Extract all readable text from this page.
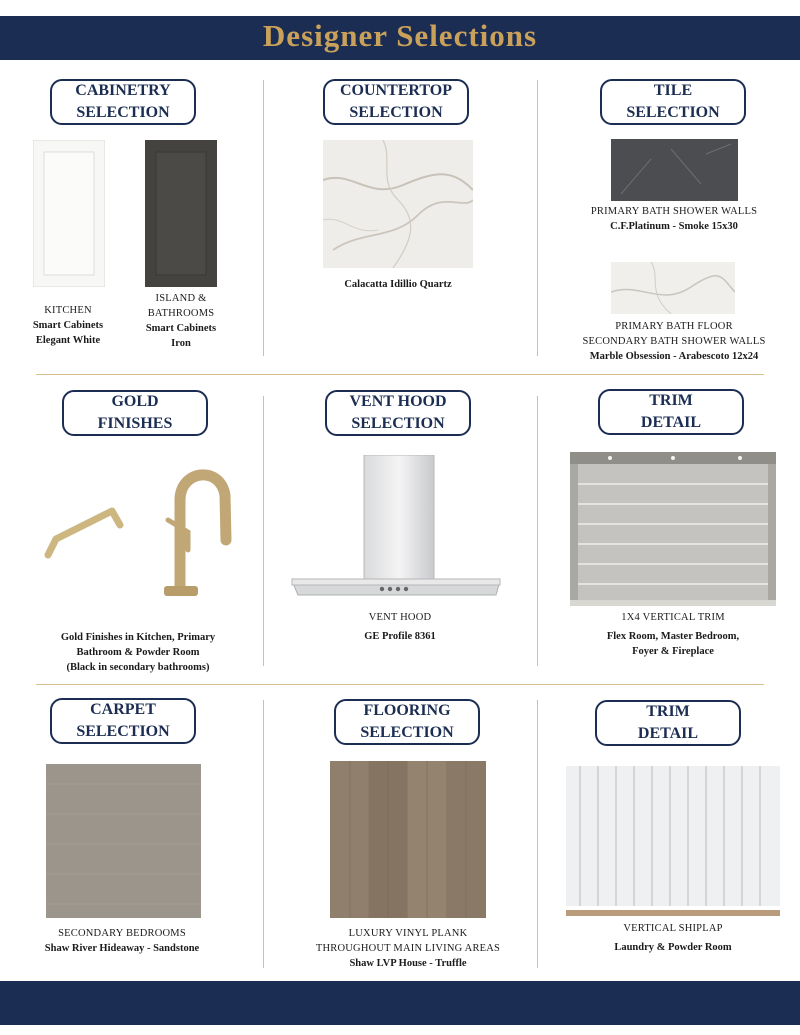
Designer Selections
CABINETRY
SELECTION
KITCHEN
Smart Cabinets
Elegant White
ISLAND &
BATHROOMS
Smart Cabinets
Iron
COUNTERTOP
SELECTION
Calacatta Idillio Quartz
TILE
SELECTION
PRIMARY BATH SHOWER WALLS
C.F.Platinum - Smoke 15x30
PRIMARY BATH FLOOR
SECONDARY BATH SHOWER WALLS
Marble Obsession - Arabescoto 12x24
GOLD
FINISHES
Gold Finishes in Kitchen, Primary
Bathroom & Powder Room
(Black in secondary bathrooms)
VENT HOOD
SELECTION
VENT HOOD
GE Profile 8361
TRIM
DETAIL
1X4 VERTICAL TRIM
Flex Room, Master Bedroom,
Foyer & Fireplace
CARPET
SELECTION
SECONDARY BEDROOMS
Shaw River Hideaway - Sandstone
FLOORING
SELECTION
LUXURY VINYL PLANK
THROUGHOUT MAIN LIVING AREAS
Shaw LVP House - Truffle
TRIM
DETAIL
VERTICAL SHIPLAP
Laundry & Powder Room
